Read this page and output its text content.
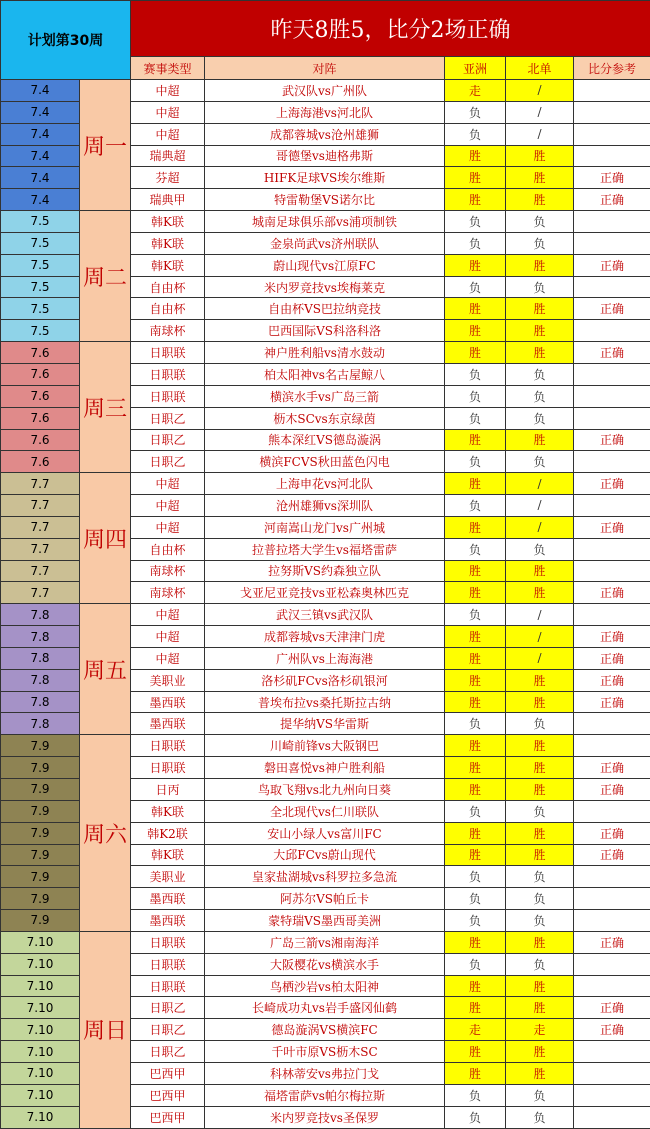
计划第30周		昨天8胜5，比分2场正确				
		赛事类型	对阵	亚洲	北单	比分参考
7.4	周一	中超	武汉队vs广州队	走	/	
7.4		中超	上海海港vs河北队	负	/	
7.4		中超	成都蓉城vs沧州雄狮	负	/	
7.4		瑞典超	哥德堡vs迪格弗斯	胜	胜	
7.4		芬超	HIFK足球VS埃尔维斯	胜	胜	正确
7.4		瑞典甲	特雷勒堡VS诺尔比	胜	胜	正确
7.5	周二	韩K联	城南足球俱乐部vs浦项制铁	负	负	
7.5		韩K联	金泉尚武vs济州联队	负	负	
7.5		韩K联	蔚山现代vs江原FC	胜	胜	正确
7.5		自由杯	米内罗竞技vs埃梅莱克	负	负	
7.5		自由杯	自由杯VS巴拉纳竞技	胜	胜	正确
7.5		南球杯	巴西国际VS科洛科洛	胜	胜	
7.6	周三	日职联	神户胜利船vs清水鼓动	胜	胜	正确
7.6		日职联	柏太阳神vs名古屋鲸八	负	负	
7.6		日职联	横滨水手vs广岛三箭	负	负	
7.6		日职乙	枥木SCvs东京绿茵	负	负	
7.6		日职乙	熊本深红VS德岛漩涡	胜	胜	正确
7.6		日职乙	横滨FCVS秋田蓝色闪电	负	负	
7.7	周四	中超	上海申花vs河北队	胜	/	正确
7.7		中超	沧州雄狮vs深圳队	负	/	
7.7		中超	河南嵩山龙门vs广州城	胜	/	正确
7.7		自由杯	拉普拉塔大学生vs福塔雷萨	负	负	
7.7		南球杯	拉努斯VS约森独立队	胜	胜	
7.7		南球杯	戈亚尼亚竞技vs亚松森奥林匹克	胜	胜	正确
7.8	周五	中超	武汉三镇vs武汉队	负	/	
7.8		中超	成都蓉城vs天津津门虎	胜	/	正确
7.8		中超	广州队vs上海海港	胜	/	正确
7.8		美职业	洛杉矶FCvs洛杉矶银河	胜	胜	正确
7.8		墨西联	普埃布拉vs桑托斯拉古纳	胜	胜	正确
7.8		墨西联	提华纳VS华雷斯	负	负	
7.9	周六	日职联	川崎前锋vs大阪钢巴	胜	胜	
7.9		日职联	磐田喜悦vs神户胜利船	胜	胜	正确
7.9		日丙	鸟取飞翔vs北九州向日葵	胜	胜	正确
7.9		韩K联	全北现代vs仁川联队	负	负	
7.9		韩K2联	安山小绿人vs富川FC	胜	胜	正确
7.9		韩K联	大邱FCvs蔚山现代	胜	胜	正确
7.9		美职业	皇家盐湖城vs科罗拉多急流	负	负	
7.9		墨西联	阿苏尔VS帕丘卡	负	负	
7.9		墨西联	蒙特瑞VS墨西哥美洲	负	负	
7.10	周日	日职联	广岛三箭vs湘南海洋	胜	胜	正确
7.10		日职联	大阪樱花vs横滨水手	负	负	
7.10		日职联	鸟栖沙岩vs柏太阳神	胜	胜	
7.10		日职乙	长崎成功丸vs岩手盛冈仙鹤	胜	胜	正确
7.10		日职乙	德岛漩涡VS横滨FC	走	走	正确
7.10		日职乙	千叶市原VS枥木SC	胜	胜	
7.10		巴西甲	科林蒂安vs弗拉门戈	胜	胜	
7.10		巴西甲	福塔雷萨vs帕尔梅拉斯	负	负	
7.10		巴西甲	米内罗竞技vs圣保罗	负	负	
